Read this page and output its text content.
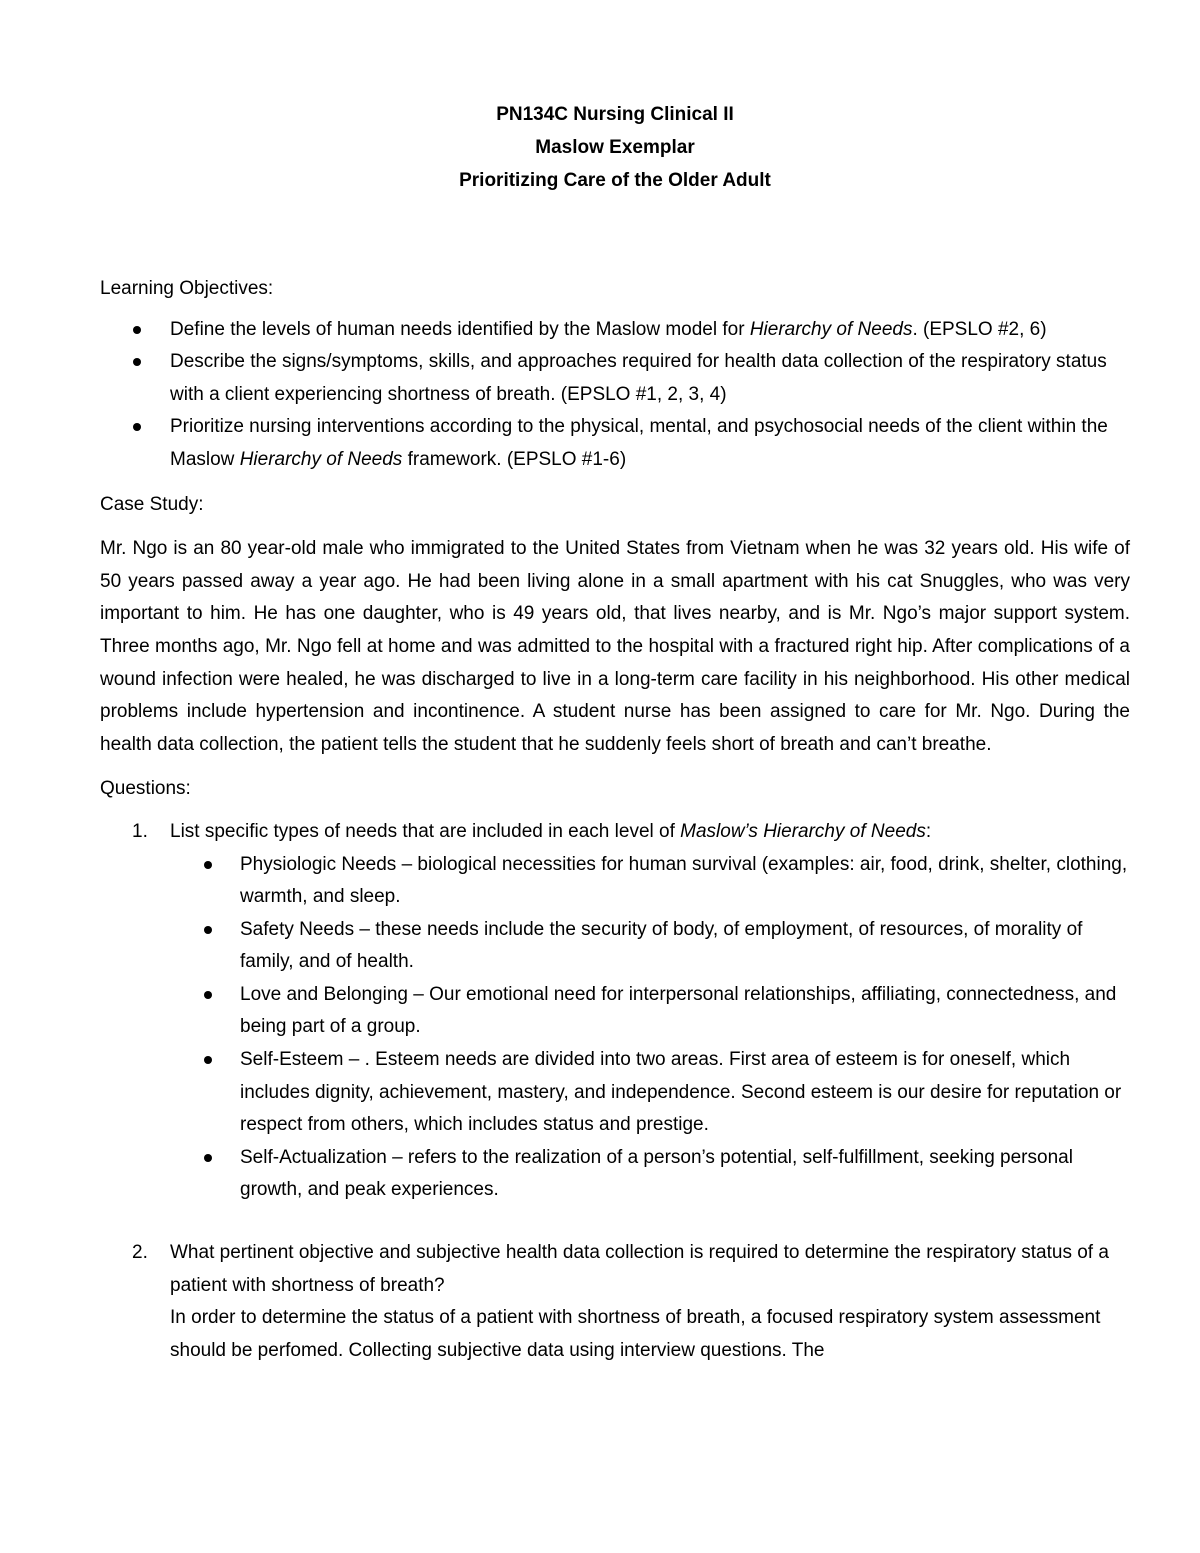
PN134C Nursing Clinical II
Maslow Exemplar
Prioritizing Care of the Older Adult

Learning Objectives:

Define the levels of human needs identified by the Maslow model for Hierarchy of Needs. (EPSLO #2, 6)
Describe the signs/symptoms, skills, and approaches required for health data collection of the respiratory status with a client experiencing shortness of breath. (EPSLO #1, 2, 3, 4)
Prioritize nursing interventions according to the physical, mental, and psychosocial needs of the client within the Maslow Hierarchy of Needs framework. (EPSLO #1-6)

Case Study:

Mr. Ngo is an 80 year-old male who immigrated to the United States from Vietnam when he was 32 years old. His wife of 50 years passed away a year ago. He had been living alone in a small apartment with his cat Snuggles, who was very important to him. He has one daughter, who is 49 years old, that lives nearby, and is Mr. Ngo’s major support system. Three months ago, Mr. Ngo fell at home and was admitted to the hospital with a fractured right hip. After complications of a wound infection were healed, he was discharged to live in a long-term care facility in his neighborhood. His other medical problems include hypertension and incontinence. A student nurse has been assigned to care for Mr. Ngo. During the health data collection, the patient tells the student that he suddenly feels short of breath and can’t breathe.

Questions:

1. List specific types of needs that are included in each level of Maslow’s Hierarchy of Needs:
Physiologic Needs – biological necessities for human survival (examples: air, food, drink, shelter, clothing, warmth, and sleep.
Safety Needs – these needs include the security of body, of employment, of resources, of morality of family, and of health.
Love and Belonging – Our emotional need for interpersonal relationships, affiliating, connectedness, and being part of a group.
Self-Esteem – . Esteem needs are divided into two areas. First area of esteem is for oneself, which includes dignity, achievement, mastery, and independence. Second esteem is our desire for reputation or respect from others, which includes status and prestige.
Self-Actualization – refers to the realization of a person’s potential, self-fulfillment, seeking personal growth, and peak experiences.
2. What pertinent objective and subjective health data collection is required to determine the respiratory status of a patient with shortness of breath?
In order to determine the status of a patient with shortness of breath, a focused respiratory system assessment should be perfomed. Collecting subjective data using interview questions. The
